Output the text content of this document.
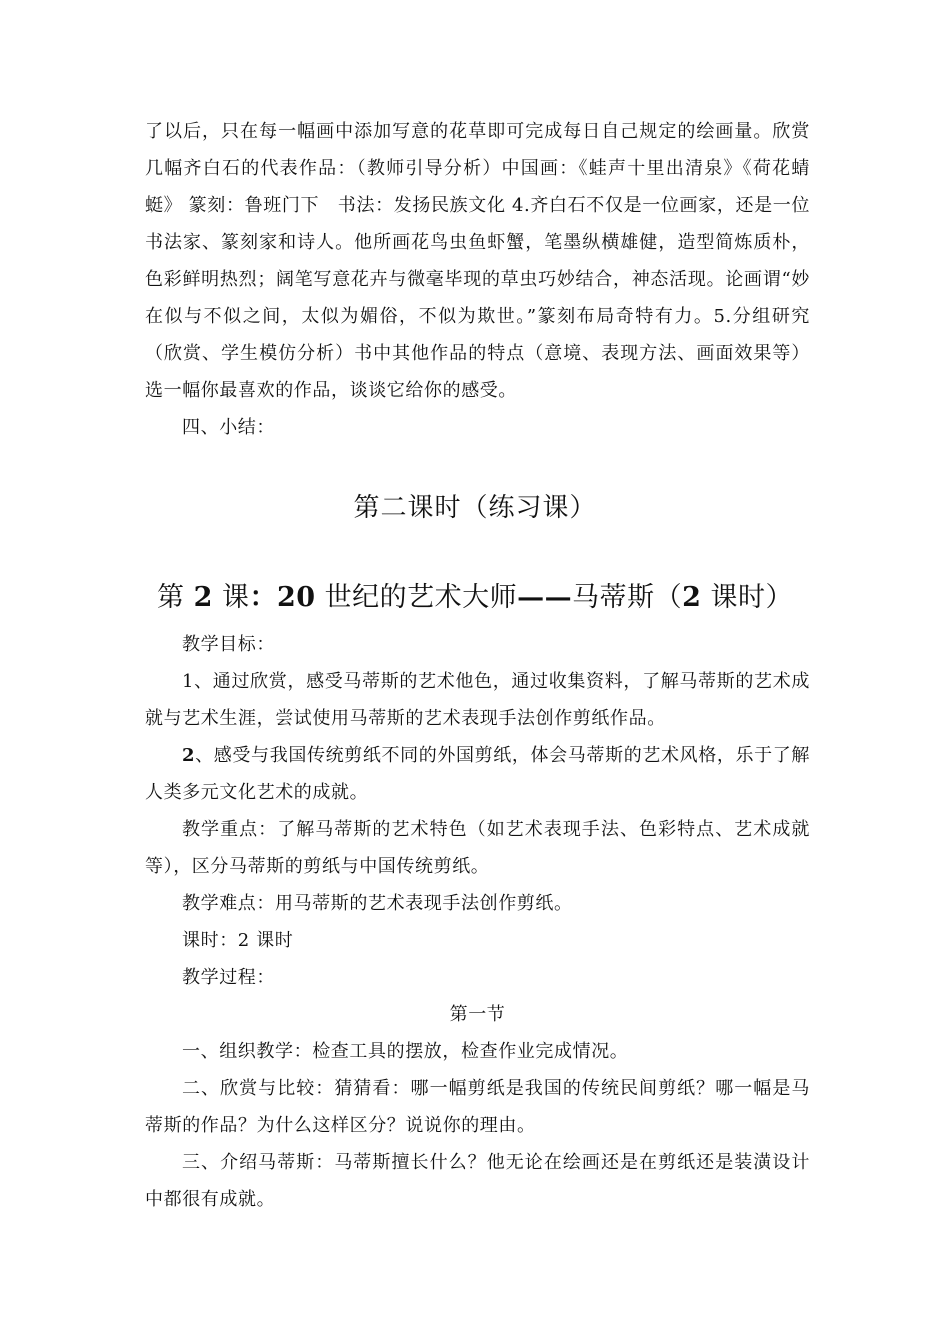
了以后，只在每一幅画中添加写意的花草即可完成每日自己规定的绘画量。欣赏几幅齐白石的代表作品：（教师引导分析）中国画：《蛙声十里出清泉》《荷花蜻蜓》 篆刻：鲁班门下　书法：发扬民族文化 4.齐白石不仅是一位画家，还是一位书法家、篆刻家和诗人。他所画花鸟虫鱼虾蟹，笔墨纵横雄健，造型简炼质朴，色彩鲜明热烈；阔笔写意花卉与微毫毕现的草虫巧妙结合，神态活现。论画谓“妙在似与不似之间，太似为媚俗，不似为欺世。”篆刻布局奇特有力。5.分组研究（欣赏、学生模仿分析）书中其他作品的特点（意境、表现方法、画面效果等）选一幅你最喜欢的作品，谈谈它给你的感受。

四、小结：

第二课时（练习课）
第 2 课：20 世纪的艺术大师——马蒂斯（2 课时）

教学目标：

1、通过欣赏，感受马蒂斯的艺术他色，通过收集资料，了解马蒂斯的艺术成就与艺术生涯，尝试使用马蒂斯的艺术表现手法创作剪纸作品。

2、感受与我国传统剪纸不同的外国剪纸，体会马蒂斯的艺术风格，乐于了解人类多元文化艺术的成就。

教学重点：了解马蒂斯的艺术特色（如艺术表现手法、色彩特点、艺术成就等），区分马蒂斯的剪纸与中国传统剪纸。

教学难点：用马蒂斯的艺术表现手法创作剪纸。

课时：2 课时

教学过程：

第一节

一、组织教学：检查工具的摆放，检查作业完成情况。

二、欣赏与比较：猜猜看：哪一幅剪纸是我国的传统民间剪纸？哪一幅是马蒂斯的作品？为什么这样区分？说说你的理由。

三、介绍马蒂斯：马蒂斯擅长什么？他无论在绘画还是在剪纸还是装潢设计中都很有成就。
